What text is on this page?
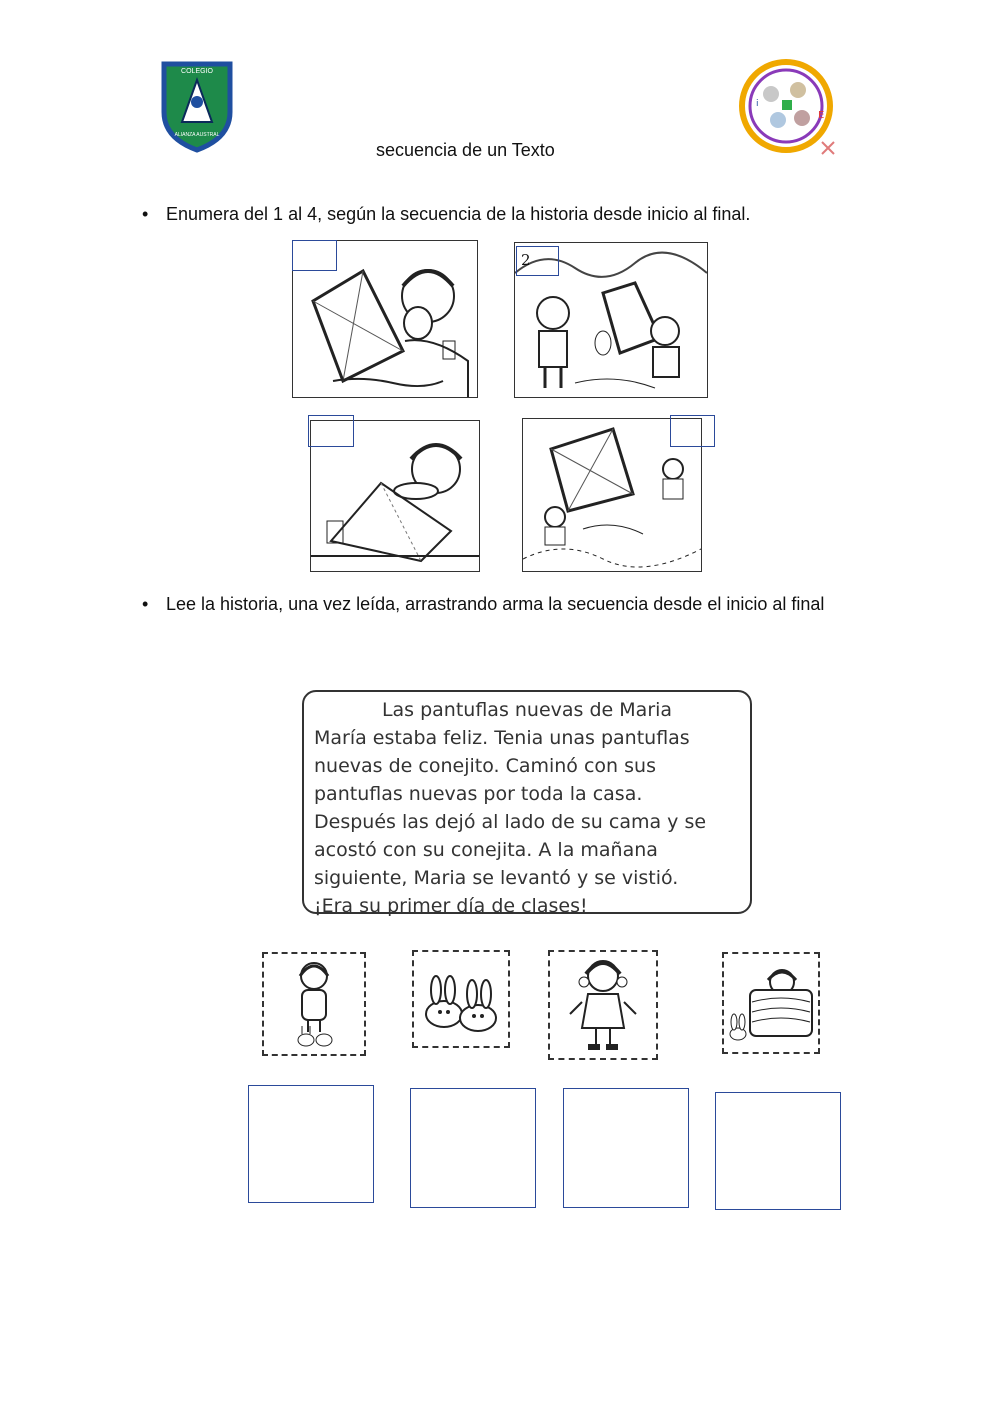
COLEGIO
ALIANZA AUSTRAL
E
i
secuencia de un Texto
• Enumera del 1 al 4, según la secuencia de la historia desde inicio al final.
2
• Lee la historia, una vez leída, arrastrando arma la secuencia desde el inicio al final
Las pantuflas nuevas de Maria
María estaba feliz. Tenia unas pantuflas
nuevas de conejito. Caminó con sus
pantuflas nuevas por toda la casa.
Después las dejó al lado de su cama y se
acostó con su conejita. A la mañana
siguiente, Maria se levantó y se vistió.
¡Era su primer día de clases!
